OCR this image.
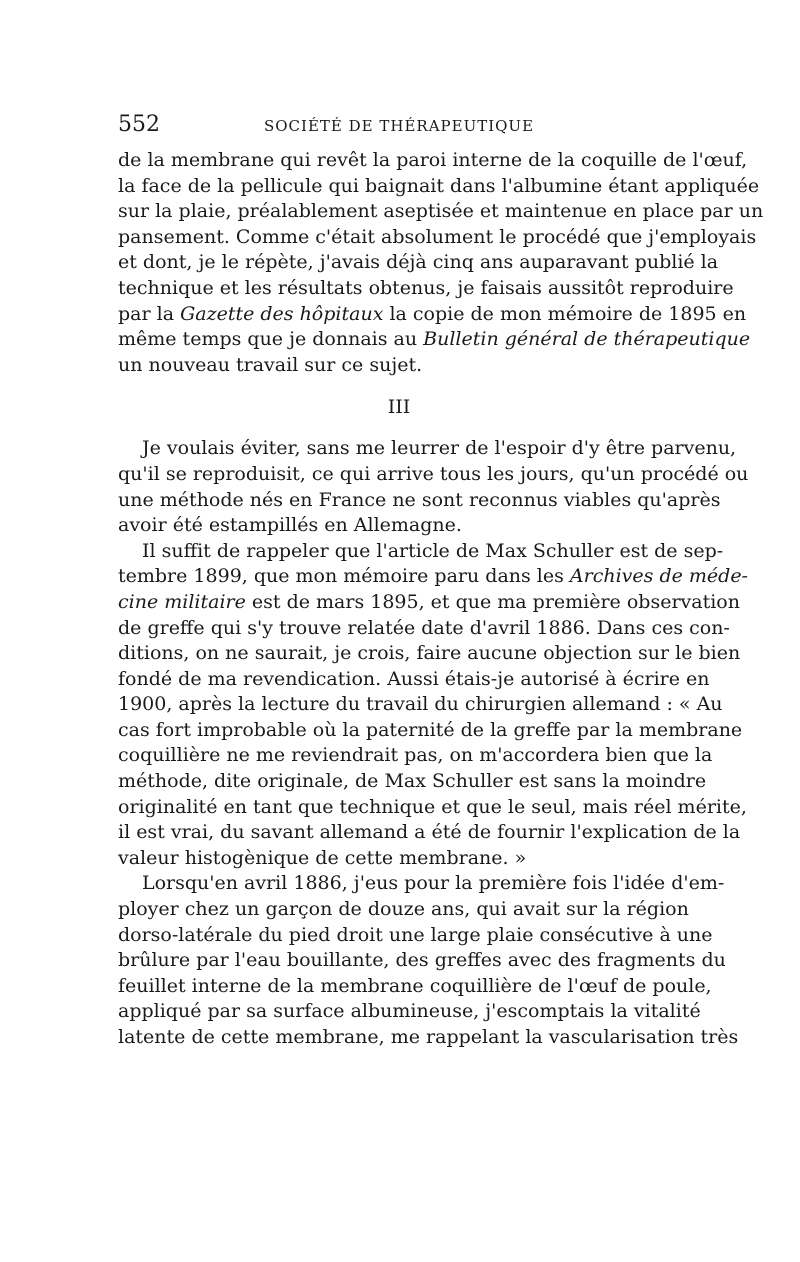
552	SOCIÉTÉ DE THÉRAPEUTIQUE
de la membrane qui revêt la paroi interne de la coquille de l'œuf,
la face de la pellicule qui baignait dans l'albumine étant appliquée
sur la plaie, préalablement aseptisée et maintenue en place par un
pansement. Comme c'était absolument le procédé que j'employais
et dont, je le répète, j'avais déjà cinq ans auparavant publié la
technique et les résultats obtenus, je faisais aussitôt reproduire
par la Gazette des hôpitaux la copie de mon mémoire de 1895 en
même temps que je donnais au Bulletin général de thérapeutique
un nouveau travail sur ce sujet.
III
Je voulais éviter, sans me leurrer de l'espoir d'y être parvenu,
qu'il se reproduisit, ce qui arrive tous les jours, qu'un procédé ou
une méthode nés en France ne sont reconnus viables qu'après
avoir été estampillés en Allemagne.
Il suffit de rappeler que l'article de Max Schuller est de sep-
tembre 1899, que mon mémoire paru dans les Archives de méde-
cine militaire est de mars 1895, et que ma première observation
de greffe qui s'y trouve relatée date d'avril 1886. Dans ces con-
ditions, on ne saurait, je crois, faire aucune objection sur le bien
fondé de ma revendication. Aussi étais-je autorisé à écrire en
1900, après la lecture du travail du chirurgien allemand : « Au
cas fort improbable où la paternité de la greffe par la membrane
coquillière ne me reviendrait pas, on m'accordera bien que la
méthode, dite originale, de Max Schuller est sans la moindre
originalité en tant que technique et que le seul, mais réel mérite,
il est vrai, du savant allemand a été de fournir l'explication de la
valeur histogènique de cette membrane. »
Lorsqu'en avril 1886, j'eus pour la première fois l'idée d'em-
ployer chez un garçon de douze ans, qui avait sur la région
dorso-latérale du pied droit une large plaie consécutive à une
brûlure par l'eau bouillante, des greffes avec des fragments du
feuillet interne de la membrane coquillière de l'œuf de poule,
appliqué par sa surface albumineuse, j'escomptais la vitalité
latente de cette membrane, me rappelant la vascularisation très
